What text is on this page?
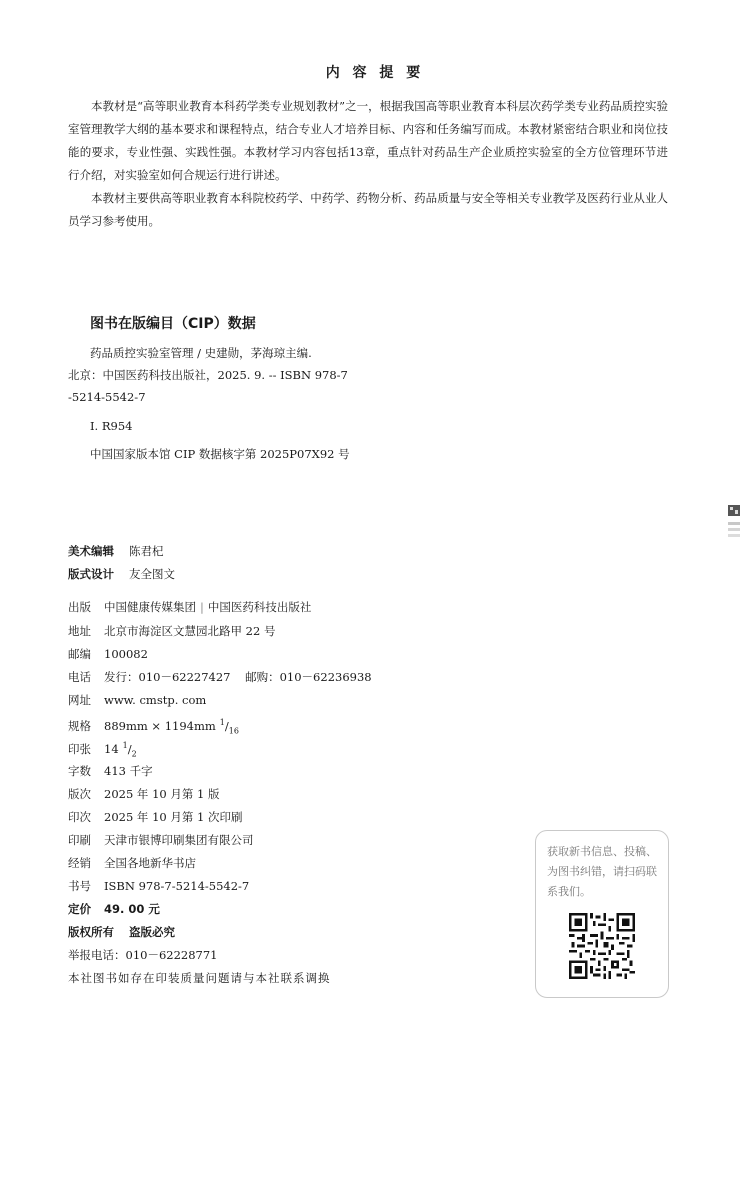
内 容 提 要
本教材是“高等职业教育本科药学类专业规划教材”之一，根据我国高等职业教育本科层次药学类专业药品质控实验室管理教学大纲的基本要求和课程特点，结合专业人才培养目标、内容和任务编写而成。本教材紧密结合职业和岗位技能的要求，专业性强、实践性强。本教材学习内容包括13章，重点针对药品生产企业质控实验室的全方位管理环节进行介绍，对实验室如何合规运行进行讲述。
本教材主要供高等职业教育本科院校药学、中药学、药物分析、药品质量与安全等相关专业教学及医药行业从业人员学习参考使用。
图书在版编目（CIP）数据
药品质控实验室管理 / 史建勋，茅海琼主编.
北京：中国医药科技出版社，2025. 9. -- ISBN 978-7
-5214-5542-7
Ⅰ. R954
中国国家版本馆 CIP 数据核字第 2025P07X92 号
美术编辑 陈君杞
版式设计 友全图文
出版 中国健康传媒集团 | 中国医药科技出版社
地址 北京市海淀区文慧园北路甲 22 号
邮编 100082
电话 发行：010－62227427    邮购：010－62236938
网址 www. cmstp. com
规格 889mm × 1194mm $^1/_{16}$
印张 14 $^1/_2$
字数 413 千字
版次 2025 年 10 月第 1 版
印次 2025 年 10 月第 1 次印刷
印刷 天津市银博印刷集团有限公司
经销 全国各地新华书店
书号 ISBN 978-7-5214-5542-7
定价 49. 00 元
版权所有 盗版必究
举报电话：010－62228771
本社图书如存在印装质量问题请与本社联系调换
获取新书信息、投稿、为图书纠错，请扫码联系我们。
